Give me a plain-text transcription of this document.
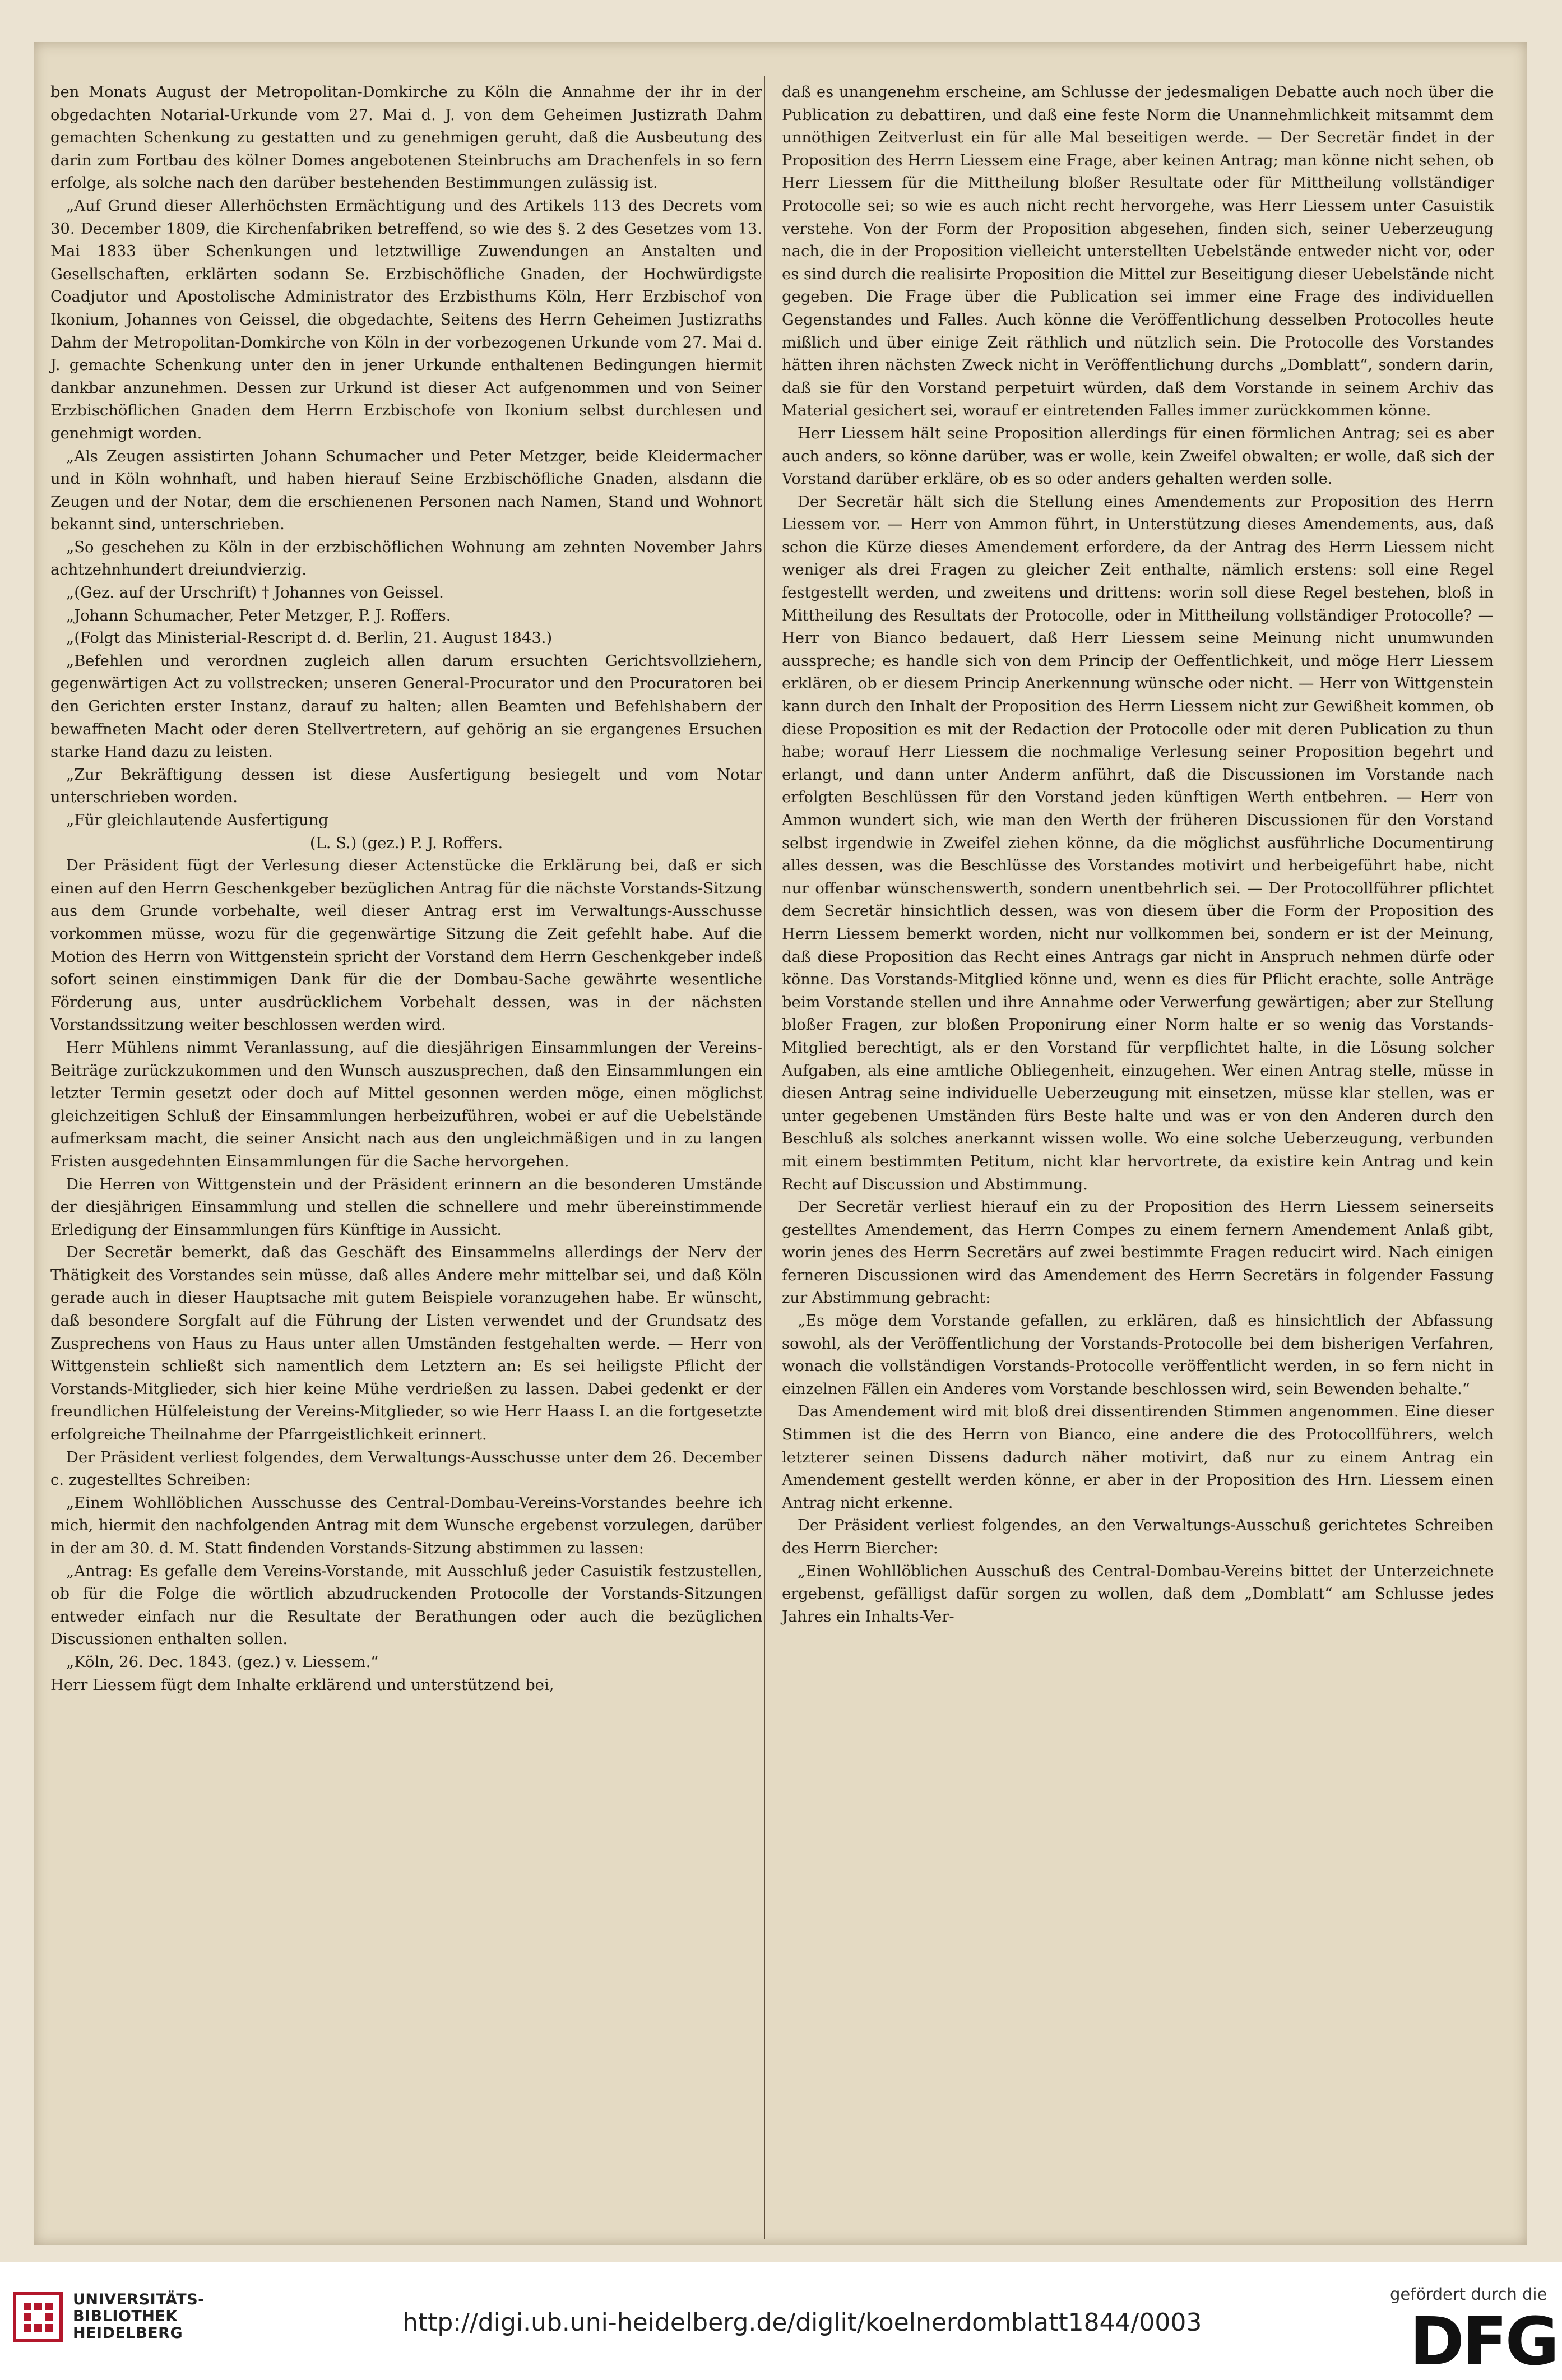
ben Monats August der Metropolitan-Domkirche zu Köln die Annahme der ihr in der obgedachten Notarial-Urkunde vom 27. Mai d. J. von dem Geheimen Justizrath Dahm gemachten Schenkung zu gestatten und zu genehmigen geruht, daß die Ausbeutung des darin zum Fortbau des kölner Domes angebotenen Steinbruchs am Drachenfels in so fern erfolge, als solche nach den darüber bestehenden Bestimmungen zulässig ist.

„Auf Grund dieser Allerhöchsten Ermächtigung und des Artikels 113 des Decrets vom 30. December 1809, die Kirchenfabriken betreffend, so wie des §. 2 des Gesetzes vom 13. Mai 1833 über Schenkungen und letztwillige Zuwendungen an Anstalten und Gesellschaften, erklärten sodann Se. Erzbischöfliche Gnaden, der Hochwürdigste Coadjutor und Apostolische Administrator des Erzbisthums Köln, Herr Erzbischof von Ikonium, Johannes von Geissel, die obgedachte, Seitens des Herrn Geheimen Justizraths Dahm der Metropolitan-Domkirche von Köln in der vorbezogenen Urkunde vom 27. Mai d. J. gemachte Schenkung unter den in jener Urkunde enthaltenen Bedingungen hiermit dankbar anzunehmen. Dessen zur Urkund ist dieser Act aufgenommen und von Seiner Erzbischöflichen Gnaden dem Herrn Erzbischofe von Ikonium selbst durchlesen und genehmigt worden.

„Als Zeugen assistirten Johann Schumacher und Peter Metzger, beide Kleidermacher und in Köln wohnhaft, und haben hierauf Seine Erzbischöfliche Gnaden, alsdann die Zeugen und der Notar, dem die erschienenen Personen nach Namen, Stand und Wohnort bekannt sind, unterschrieben.

„So geschehen zu Köln in der erzbischöflichen Wohnung am zehnten November Jahrs achtzehnhundert dreiundvierzig.

„(Gez. auf der Urschrift) † Johannes von Geissel.

„Johann Schumacher, Peter Metzger, P. J. Roffers.

„(Folgt das Ministerial-Rescript d. d. Berlin, 21. August 1843.)

„Befehlen und verordnen zugleich allen darum ersuchten Gerichtsvollziehern, gegenwärtigen Act zu vollstrecken; unseren General-Procurator und den Procuratoren bei den Gerichten erster Instanz, darauf zu halten; allen Beamten und Befehlshabern der bewaffneten Macht oder deren Stellvertretern, auf gehörig an sie ergangenes Ersuchen starke Hand dazu zu leisten.

„Zur Bekräftigung dessen ist diese Ausfertigung besiegelt und vom Notar unterschrieben worden.

„Für gleichlautende Ausfertigung

(L. S.) (gez.) P. J. Roffers.

Der Präsident fügt der Verlesung dieser Actenstücke die Erklärung bei, daß er sich einen auf den Herrn Geschenkgeber bezüglichen Antrag für die nächste Vorstands-Sitzung aus dem Grunde vorbehalte, weil dieser Antrag erst im Verwaltungs-Ausschusse vorkommen müsse, wozu für die gegenwärtige Sitzung die Zeit gefehlt habe. Auf die Motion des Herrn von Wittgenstein spricht der Vorstand dem Herrn Geschenkgeber indeß sofort seinen einstimmigen Dank für die der Dombau-Sache gewährte wesentliche Förderung aus, unter ausdrücklichem Vorbehalt dessen, was in der nächsten Vorstandssitzung weiter beschlossen werden wird.

Herr Mühlens nimmt Veranlassung, auf die diesjährigen Einsammlungen der Vereins-Beiträge zurückzukommen und den Wunsch auszusprechen, daß den Einsammlungen ein letzter Termin gesetzt oder doch auf Mittel gesonnen werden möge, einen möglichst gleichzeitigen Schluß der Einsammlungen herbeizuführen, wobei er auf die Uebelstände aufmerksam macht, die seiner Ansicht nach aus den ungleichmäßigen und in zu langen Fristen ausgedehnten Einsammlungen für die Sache hervorgehen.

Die Herren von Wittgenstein und der Präsident erinnern an die besonderen Umstände der diesjährigen Einsammlung und stellen die schnellere und mehr übereinstimmende Erledigung der Einsammlungen fürs Künftige in Aussicht.

Der Secretär bemerkt, daß das Geschäft des Einsammelns allerdings der Nerv der Thätigkeit des Vorstandes sein müsse, daß alles Andere mehr mittelbar sei, und daß Köln gerade auch in dieser Hauptsache mit gutem Beispiele voranzugehen habe. Er wünscht, daß besondere Sorgfalt auf die Führung der Listen verwendet und der Grundsatz des Zusprechens von Haus zu Haus unter allen Umständen festgehalten werde. — Herr von Wittgenstein schließt sich namentlich dem Letztern an: Es sei heiligste Pflicht der Vorstands-Mitglieder, sich hier keine Mühe verdrießen zu lassen. Dabei gedenkt er der freundlichen Hülfeleistung der Vereins-Mitglieder, so wie Herr Haass I. an die fortgesetzte erfolgreiche Theilnahme der Pfarrgeistlichkeit erinnert.

Der Präsident verliest folgendes, dem Verwaltungs-Ausschusse unter dem 26. December c. zugestelltes Schreiben:

„Einem Wohllöblichen Ausschusse des Central-Dombau-Vereins-Vorstandes beehre ich mich, hiermit den nachfolgenden Antrag mit dem Wunsche ergebenst vorzulegen, darüber in der am 30. d. M. Statt findenden Vorstands-Sitzung abstimmen zu lassen:

„Antrag: Es gefalle dem Vereins-Vorstande, mit Ausschluß jeder Casuistik festzustellen, ob für die Folge die wörtlich abzudruckenden Protocolle der Vorstands-Sitzungen entweder einfach nur die Resultate der Berathungen oder auch die bezüglichen Discussionen enthalten sollen.

„Köln, 26. Dec. 1843. (gez.) v. Liessem.“

Herr Liessem fügt dem Inhalte erklärend und unterstützend bei,

daß es unangenehm erscheine, am Schlusse der jedesmaligen Debatte auch noch über die Publication zu debattiren, und daß eine feste Norm die Unannehmlichkeit mitsammt dem unnöthigen Zeitverlust ein für alle Mal beseitigen werde. — Der Secretär findet in der Proposition des Herrn Liessem eine Frage, aber keinen Antrag; man könne nicht sehen, ob Herr Liessem für die Mittheilung bloßer Resultate oder für Mittheilung vollständiger Protocolle sei; so wie es auch nicht recht hervorgehe, was Herr Liessem unter Casuistik verstehe. Von der Form der Proposition abgesehen, finden sich, seiner Ueberzeugung nach, die in der Proposition vielleicht unterstellten Uebelstände entweder nicht vor, oder es sind durch die realisirte Proposition die Mittel zur Beseitigung dieser Uebelstände nicht gegeben. Die Frage über die Publication sei immer eine Frage des individuellen Gegenstandes und Falles. Auch könne die Veröffentlichung desselben Protocolles heute mißlich und über einige Zeit räthlich und nützlich sein. Die Protocolle des Vorstandes hätten ihren nächsten Zweck nicht in Veröffentlichung durchs „Domblatt“, sondern darin, daß sie für den Vorstand perpetuirt würden, daß dem Vorstande in seinem Archiv das Material gesichert sei, worauf er eintretenden Falles immer zurückkommen könne.

Herr Liessem hält seine Proposition allerdings für einen förmlichen Antrag; sei es aber auch anders, so könne darüber, was er wolle, kein Zweifel obwalten; er wolle, daß sich der Vorstand darüber erkläre, ob es so oder anders gehalten werden solle.

Der Secretär hält sich die Stellung eines Amendements zur Proposition des Herrn Liessem vor. — Herr von Ammon führt, in Unterstützung dieses Amendements, aus, daß schon die Kürze dieses Amendement erfordere, da der Antrag des Herrn Liessem nicht weniger als drei Fragen zu gleicher Zeit enthalte, nämlich erstens: soll eine Regel festgestellt werden, und zweitens und drittens: worin soll diese Regel bestehen, bloß in Mittheilung des Resultats der Protocolle, oder in Mittheilung vollständiger Protocolle? — Herr von Bianco bedauert, daß Herr Liessem seine Meinung nicht unumwunden ausspreche; es handle sich von dem Princip der Oeffentlichkeit, und möge Herr Liessem erklären, ob er diesem Princip Anerkennung wünsche oder nicht. — Herr von Wittgenstein kann durch den Inhalt der Proposition des Herrn Liessem nicht zur Gewißheit kommen, ob diese Proposition es mit der Redaction der Protocolle oder mit deren Publication zu thun habe; worauf Herr Liessem die nochmalige Verlesung seiner Proposition begehrt und erlangt, und dann unter Anderm anführt, daß die Discussionen im Vorstande nach erfolgten Beschlüssen für den Vorstand jeden künftigen Werth entbehren. — Herr von Ammon wundert sich, wie man den Werth der früheren Discussionen für den Vorstand selbst irgendwie in Zweifel ziehen könne, da die möglichst ausführliche Documentirung alles dessen, was die Beschlüsse des Vorstandes motivirt und herbeigeführt habe, nicht nur offenbar wünschenswerth, sondern unentbehrlich sei. — Der Protocollführer pflichtet dem Secretär hinsichtlich dessen, was von diesem über die Form der Proposition des Herrn Liessem bemerkt worden, nicht nur vollkommen bei, sondern er ist der Meinung, daß diese Proposition das Recht eines Antrags gar nicht in Anspruch nehmen dürfe oder könne. Das Vorstands-Mitglied könne und, wenn es dies für Pflicht erachte, solle Anträge beim Vorstande stellen und ihre Annahme oder Verwerfung gewärtigen; aber zur Stellung bloßer Fragen, zur bloßen Proponirung einer Norm halte er so wenig das Vorstands-Mitglied berechtigt, als er den Vorstand für verpflichtet halte, in die Lösung solcher Aufgaben, als eine amtliche Obliegenheit, einzugehen. Wer einen Antrag stelle, müsse in diesen Antrag seine individuelle Ueberzeugung mit einsetzen, müsse klar stellen, was er unter gegebenen Umständen fürs Beste halte und was er von den Anderen durch den Beschluß als solches anerkannt wissen wolle. Wo eine solche Ueberzeugung, verbunden mit einem bestimmten Petitum, nicht klar hervortrete, da existire kein Antrag und kein Recht auf Discussion und Abstimmung.

Der Secretär verliest hierauf ein zu der Proposition des Herrn Liessem seinerseits gestelltes Amendement, das Herrn Compes zu einem fernern Amendement Anlaß gibt, worin jenes des Herrn Secretärs auf zwei bestimmte Fragen reducirt wird. Nach einigen ferneren Discussionen wird das Amendement des Herrn Secretärs in folgender Fassung zur Abstimmung gebracht:

„Es möge dem Vorstande gefallen, zu erklären, daß es hinsichtlich der Abfassung sowohl, als der Veröffentlichung der Vorstands-Protocolle bei dem bisherigen Verfahren, wonach die vollständigen Vorstands-Protocolle veröffentlicht werden, in so fern nicht in einzelnen Fällen ein Anderes vom Vorstande beschlossen wird, sein Bewenden behalte.“

Das Amendement wird mit bloß drei dissentirenden Stimmen angenommen. Eine dieser Stimmen ist die des Herrn von Bianco, eine andere die des Protocollführers, welch letzterer seinen Dissens dadurch näher motivirt, daß nur zu einem Antrag ein Amendement gestellt werden könne, er aber in der Proposition des Hrn. Liessem einen Antrag nicht erkenne.

Der Präsident verliest folgendes, an den Verwaltungs-Ausschuß gerichtetes Schreiben des Herrn Biercher:

„Einen Wohllöblichen Ausschuß des Central-Dombau-Vereins bittet der Unterzeichnete ergebenst, gefälligst dafür sorgen zu wollen, daß dem „Domblatt“ am Schlusse jedes Jahres ein Inhalts-Ver-

UNIVERSITÄTS-
BIBLIOTHEK
HEIDELBERG	http://digi.ub.uni-heidelberg.de/diglit/koelnerdomblatt1844/0003
gefördert durch die
DFG
